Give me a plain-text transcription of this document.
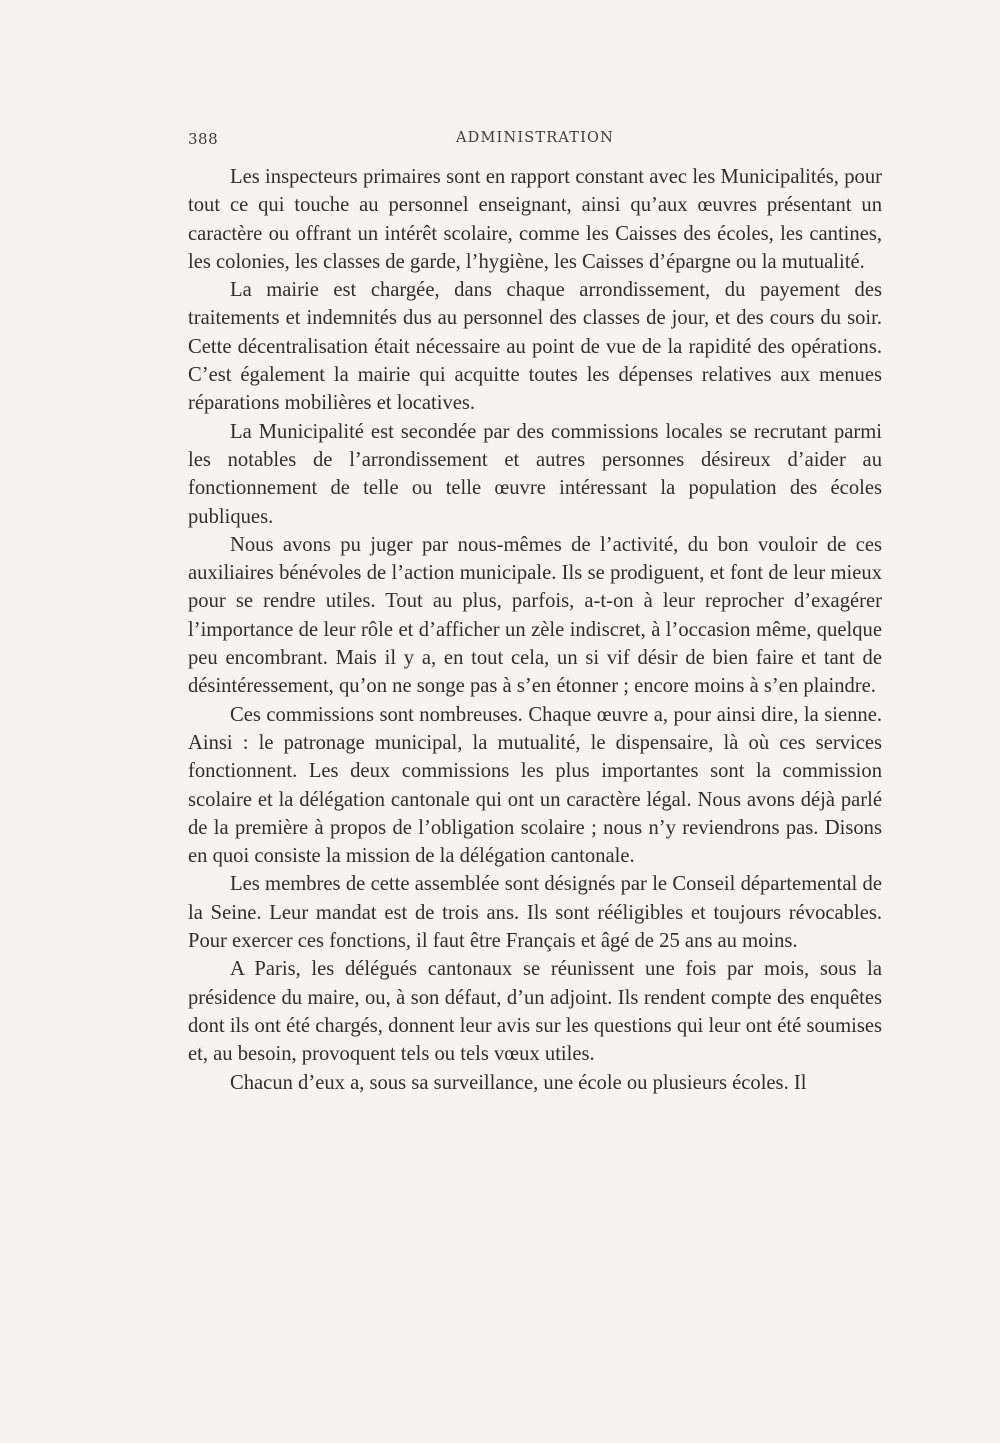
388	ADMINISTRATION

Les inspecteurs primaires sont en rapport constant avec les Municipalités, pour tout ce qui touche au personnel enseignant, ainsi qu’aux œuvres présentant un caractère ou offrant un intérêt scolaire, comme les Caisses des écoles, les cantines, les colonies, les classes de garde, l’hygiène, les Caisses d’épargne ou la mutualité.

La mairie est chargée, dans chaque arrondissement, du payement des traitements et indemnités dus au personnel des classes de jour, et des cours du soir. Cette décentralisation était nécessaire au point de vue de la rapidité des opérations. C’est également la mairie qui acquitte toutes les dépenses relatives aux menues réparations mobilières et locatives.

La Municipalité est secondée par des commissions locales se recrutant parmi les notables de l’arrondissement et autres personnes désireux d’aider au fonctionnement de telle ou telle œuvre intéressant la population des écoles publiques.

Nous avons pu juger par nous-mêmes de l’activité, du bon vouloir de ces auxiliaires bénévoles de l’action municipale. Ils se prodiguent, et font de leur mieux pour se rendre utiles. Tout au plus, parfois, a-t-on à leur reprocher d’exagérer l’importance de leur rôle et d’afficher un zèle indiscret, à l’occasion même, quelque peu encombrant. Mais il y a, en tout cela, un si vif désir de bien faire et tant de désintéressement, qu’on ne songe pas à s’en étonner ; encore moins à s’en plaindre.

Ces commissions sont nombreuses. Chaque œuvre a, pour ainsi dire, la sienne. Ainsi : le patronage municipal, la mutualité, le dispensaire, là où ces services fonctionnent. Les deux commissions les plus importantes sont la commission scolaire et la délégation cantonale qui ont un caractère légal. Nous avons déjà parlé de la première à propos de l’obligation scolaire ; nous n’y reviendrons pas. Disons en quoi consiste la mission de la délégation cantonale.

Les membres de cette assemblée sont désignés par le Conseil départemental de la Seine. Leur mandat est de trois ans. Ils sont rééligibles et toujours révocables. Pour exercer ces fonctions, il faut être Français et âgé de 25 ans au moins.

A Paris, les délégués cantonaux se réunissent une fois par mois, sous la présidence du maire, ou, à son défaut, d’un adjoint. Ils rendent compte des enquêtes dont ils ont été chargés, donnent leur avis sur les questions qui leur ont été soumises et, au besoin, provoquent tels ou tels vœux utiles.

Chacun d’eux a, sous sa surveillance, une école ou plusieurs écoles. Il
